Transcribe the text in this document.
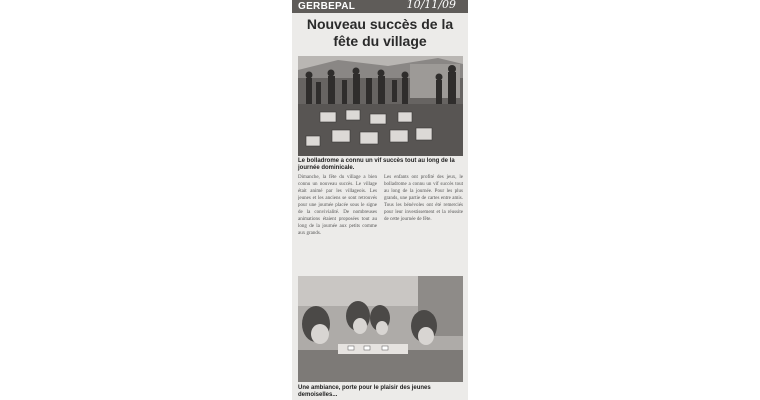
GERBEPAL	10/11/09
Nouveau succès de la fête du village
Le bolladrome a connu un vif succès tout au long de la journée dominicale.
Dimanche, la fête du village a bien connu un nouveau succès. Le village était animé par les villageois. Les jeunes et les anciens se sont retrouvés pour une journée placée sous le signe de la convivialité. De nombreuses animations étaient proposées tout au long de la journée aux petits comme aux grands.
Les enfants ont profité des jeux, le bolladrome a connu un vif succès tout au long de la journée. Pour les plus grands, une partie de cartes entre amis. Tous les bénévoles ont été remerciés pour leur investissement et la réussite de cette journée de fête.
Une ambiance, porte pour le plaisir des jeunes demoiselles...
